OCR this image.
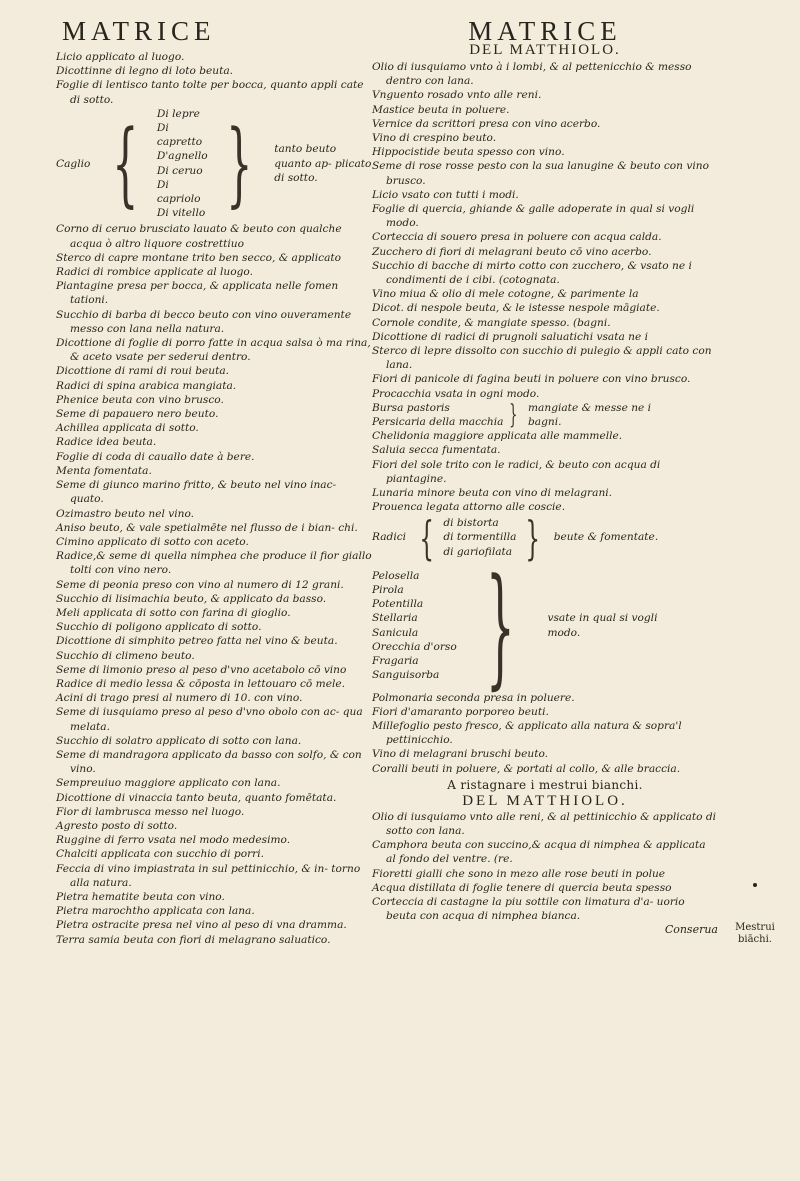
MATRICE
Licio applicato al luogo.
Dicottinne di legno di loto beuta.
Foglie di lentisco tanto tolte per bocca, quanto appli cate di sotto.
Caglio { Di lepre
Di capretto
D'agnello
Di ceruo
Di capriolo
Di vitello }	tanto beuto quanto ap- plicato di sotto.
Corno di ceruo brusciato lauato & beuto con qualche acqua ò altro liquore costrettiuo
Sterco di capre montane trito ben secco, & applicato
Radici di rombice applicate al luogo.
Piantagine presa per bocca, & applicata nelle fomen tationi.
Succhio di barba di becco beuto con vino ouveramente messo con lana nella natura.
Dicottione di foglie di porro fatte in acqua salsa ò ma rina, & aceto vsate per sederui dentro.
Dicottione di rami di roui beuta.
Radici di spina arabica mangiata.
Phenice beuta con vino brusco.
Seme di papauero nero beuto.
Achillea applicata di sotto.
Radice idea beuta.
Foglie di coda di cauallo date à bere.
Menta fomentata.
Seme di giunco marino fritto, & beuto nel vino inac- quato.
Ozimastro beuto nel vino.
Aniso beuto, & vale spetialmēte nel flusso de i bian- chi.
Cimino applicato di sotto con aceto.
Radice,& seme di quella nimphea che produce il fior giallo tolti con vino nero.
Seme di peonia preso con vino al numero di 12 grani.
Succhio di lisimachia beuto, & applicato da basso.
Meli applicata di sotto con farina di gioglio.
Succhio di poligono applicato di sotto.
Dicottione di simphito petreo fatta nel vino & beuta.
Succhio di climeno beuto.
Seme di limonio preso al peso d'vno acetabolo cō vino
Radice di medio lessa & cōposta in lettouaro cō mele.
Acini di trago presi al numero di 10. con vino.
Seme di iusquiamo preso al peso d'vno obolo con ac- qua melata.
Succhio di solatro applicato di sotto con lana.
Seme di mandragora applicato da basso con solfo, & con vino.
Sempreuiuo maggiore applicato con lana.
Dicottione di vinaccia tanto beuta, quanto fomētata.
Fior di lambrusca messo nel luogo.
Agresto posto di sotto.
Ruggine di ferro vsata nel modo medesimo.
Chalciti applicata con succhio di porri.
Feccia di vino impiastrata in sul pettinicchio, & in- torno alla natura.
Pietra hematite beuta con vino.
Pietra marochtho applicata con lana.
Pietra ostracite presa nel vino al peso di vna dramma.
Terra samia beuta con fiori di melagrano saluatico.
MATRICE
DEL MATTHIOLO.
Olio di iusquiamo vnto à i lombi, & al pettenicchio & messo dentro con lana.
Vnguento rosado vnto alle reni.
Mastice beuta in poluere.
Vernice da scrittori presa con vino acerbo.
Vino di crespino beuto.
Hippocistide beuta spesso con vino.
Seme di rose rosse pesto con la sua lanugine & beuto con vino brusco.
Licio vsato con tutti i modi.
Foglie di quercia, ghiande & galle adoperate in qual si vogli modo.
Corteccia di souero presa in poluere con acqua calda.
Zucchero di fiori di melagrani beuto cō vino acerbo.
Succhio di bacche di mirto cotto con zucchero, & vsato ne i condimenti de i cibi. (cotognata.
Vino miua & olio di mele cotogne, & parimente la
Dicot. di nespole beuta, & le istesse nespole māgiate.
Cornole condite, & mangiate spesso. (bagni.
Dicottione di radici di prugnoli saluatichi vsata ne i
Sterco di lepre dissolto con succhio di pulegio & appli cato con lana.
Fiori di panicole di fagina beuti in poluere con vino brusco.
Procacchia vsata in ogni modo.
Bursa pastoris
Persicaria della macchia } mangiate & messe ne i bagni.
Chelidonia maggiore applicata alle mammelle.
Saluia secca fumentata.
Fiori del sole trito con le radici, & beuto con acqua di piantagine.
Lunaria minore beuta con vino di melagrani.
Prouenca legata attorno alle coscie.
Radici { di bistorta
di tormentilla
di gariofilata }	beute & fomentate.
Pelosella
Pirola
Potentilla
Stellaria
Sanicula
Orecchia d'orso
Fragaria
Sanguisorba }	vsate in qual si vogli modo.
Polmonaria seconda presa in poluere.
Fiori d'amaranto porporeo beuti.
Millefoglio pesto fresco, & applicato alla natura & sopra'l pettinicchio.
Vino di melagrani bruschi beuto.
Coralli beuti in poluere, & portati al collo, & alle braccia.
A ristagnare i mestrui bianchi.
DEL MATTHIOLO.
Olio di iusquiamo vnto alle reni, & al pettinicchio & applicato di sotto con lana.
Camphora beuta con succino,& acqua di nimphea & applicata al fondo del ventre. (re.
Fioretti gialli che sono in mezo alle rose beuti in polue
Acqua distillata di foglie tenere di quercia beuta spesso
Corteccia di castagne la piu sottile con limatura d'a- uorio beuta con acqua di nimphea bianca.
Conserua	Mestrui biāchi.
